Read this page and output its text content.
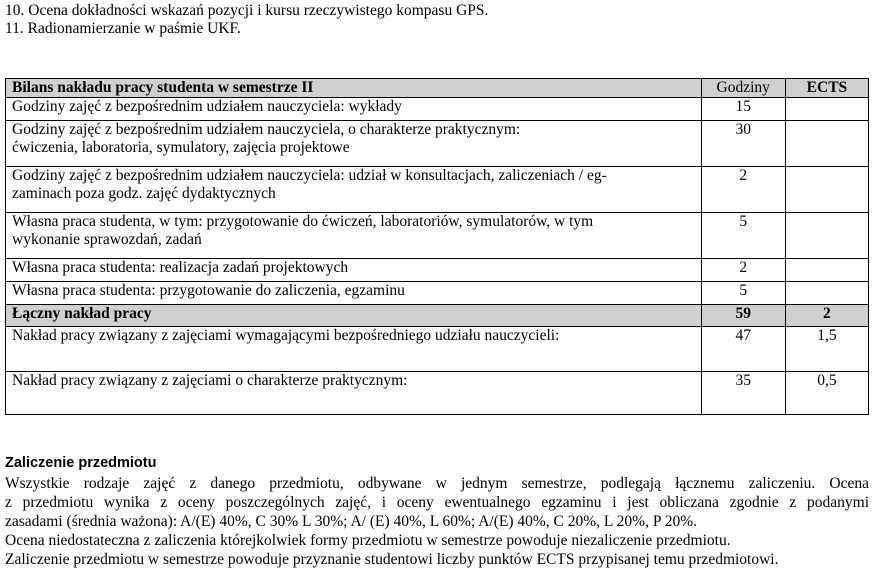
10. Ocena dokładności wskazań pozycji i kursu rzeczywistego kompasu GPS.
11. Radionamierzanie w paśmie UKF.
Bilans nakładu pracy studenta w semestrze II	Godziny	ECTS
Godziny zajęć z bezpośrednim udziałem nauczyciela: wykłady	15	

Godziny zajęć z bezpośrednim udziałem nauczyciela, o charakterze praktycznym:
ćwiczenia, laboratoria, symulatory, zajęcia projektowe	30	

Godziny zajęć z bezpośrednim udziałem nauczyciela: udział w konsultacjach, zaliczeniach / eg-
zaminach poza godz. zajęć dydaktycznych	2	

Własna praca studenta, w tym: przygotowanie do ćwiczeń, laboratoriów, symulatorów, w tym
wykonanie sprawozdań, zadań	5	
Własna praca studenta: realizacja zadań projektowych	2	
Własna praca studenta: przygotowanie do zaliczenia, egzaminu	5	
Łączny nakład pracy	59	2
Nakład pracy związany z zajęciami wymagającymi bezpośredniego udziału nauczycieli:	47	1,5
Nakład pracy związany z zajęciami o charakterze praktycznym:	35	0,5
Zaliczenie przedmiotu
Wszystkie rodzaje zajęć z danego przedmiotu, odbywane w jednym semestrze, podlegają łącznemu zaliczeniu. Ocena
z przedmiotu wynika z oceny poszczególnych zajęć, i oceny ewentualnego egzaminu i jest obliczana zgodnie z podanymi
zasadami (średnia ważona): A/(E) 40%, C 30% L 30%; A/ (E) 40%, L 60%; A/(E) 40%, C 20%, L 20%, P 20%.
Ocena niedostateczna z zaliczenia którejkolwiek formy przedmiotu w semestrze powoduje niezaliczenie przedmiotu.
Zaliczenie przedmiotu w semestrze powoduje przyznanie studentowi liczby punktów ECTS przypisanej temu przedmiotowi.
